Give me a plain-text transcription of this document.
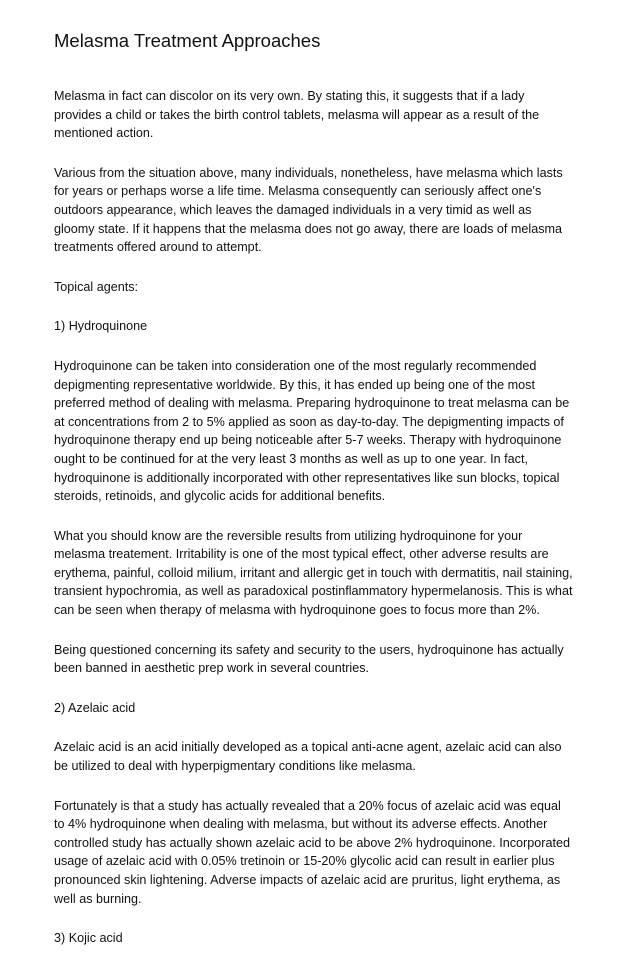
Melasma Treatment Approaches

Melasma in fact can discolor on its very own. By stating this, it suggests that if a lady
provides a child or takes the birth control tablets, melasma will appear as a result of the
mentioned action.

Various from the situation above, many individuals, nonetheless, have melasma which lasts
for years or perhaps worse a life time. Melasma consequently can seriously affect one's
outdoors appearance, which leaves the damaged individuals in a very timid as well as
gloomy state. If it happens that the melasma does not go away, there are loads of melasma
treatments offered around to attempt.

Topical agents:

1) Hydroquinone

Hydroquinone can be taken into consideration one of the most regularly recommended
depigmenting representative worldwide. By this, it has ended up being one of the most
preferred method of dealing with melasma. Preparing hydroquinone to treat melasma can be
at concentrations from 2 to 5% applied as soon as day-to-day. The depigmenting impacts of
hydroquinone therapy end up being noticeable after 5-7 weeks. Therapy with hydroquinone
ought to be continued for at the very least 3 months as well as up to one year. In fact,
hydroquinone is additionally incorporated with other representatives like sun blocks, topical
steroids, retinoids, and glycolic acids for additional benefits.

What you should know are the reversible results from utilizing hydroquinone for your
melasma treatement. Irritability is one of the most typical effect, other adverse results are
erythema, painful, colloid milium, irritant and allergic get in touch with dermatitis, nail staining,
transient hypochromia, as well as paradoxical postinflammatory hypermelanosis. This is what
can be seen when therapy of melasma with hydroquinone goes to focus more than 2%.

Being questioned concerning its safety and security to the users, hydroquinone has actually
been banned in aesthetic prep work in several countries.

2) Azelaic acid

Azelaic acid is an acid initially developed as a topical anti-acne agent, azelaic acid can also
be utilized to deal with hyperpigmentary conditions like melasma.

Fortunately is that a study has actually revealed that a 20% focus of azelaic acid was equal
to 4% hydroquinone when dealing with melasma, but without its adverse effects. Another
controlled study has actually shown azelaic acid to be above 2% hydroquinone. Incorporated
usage of azelaic acid with 0.05% tretinoin or 15-20% glycolic acid can result in earlier plus
pronounced skin lightening. Adverse impacts of azelaic acid are pruritus, light erythema, as
well as burning.

3) Kojic acid
